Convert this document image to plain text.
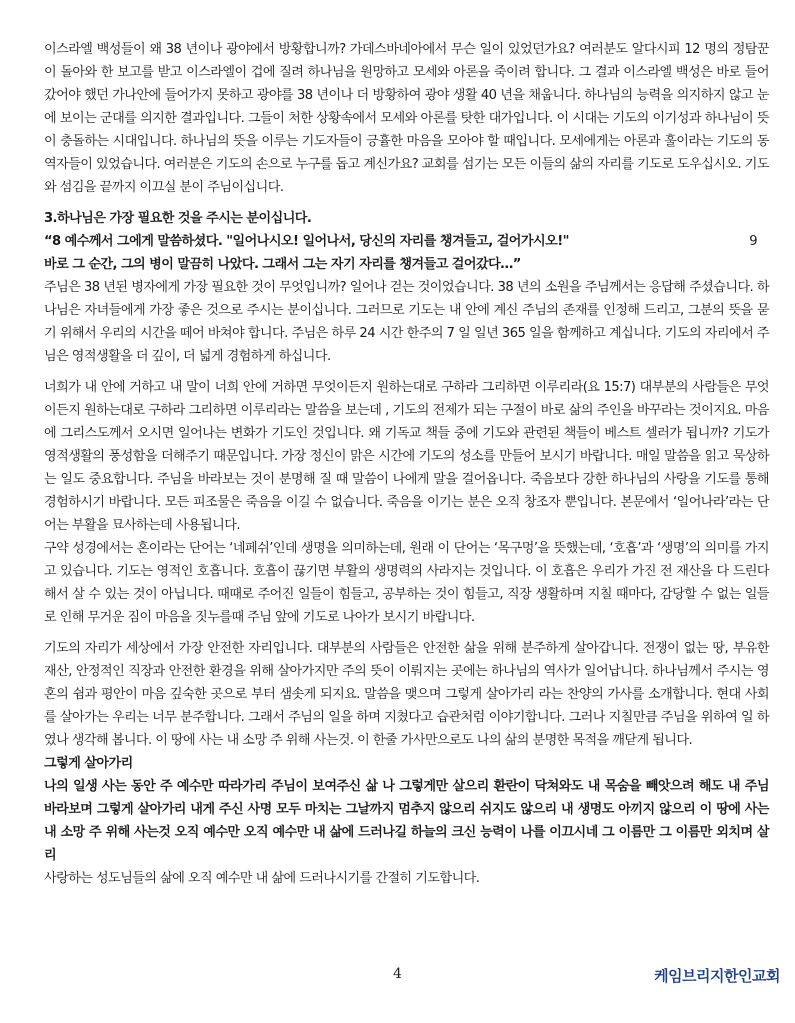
이스라엘 백성들이 왜 38 년이나 광야에서 방황합니까? 가데스바네아에서 무슨 일이 있었던가요? 여러분도 알다시피 12 명의 정탐꾼이 돌아와 한 보고를 받고 이스라엘이 겁에 질려 하나님을 원망하고 모세와 아론을 죽이려 합니다. 그 결과 이스라엘 백성은 바로 들어갔어야 했던 가나안에 들어가지 못하고 광야를 38 년이나 더 방황하여 광야 생활 40 년을 채웁니다. 하나님의 능력을 의지하지 않고 눈에 보이는 군대를 의지한 결과입니다. 그들이 처한 상황속에서 모세와 아론를 탓한 대가입니다. 이 시대는 기도의 이기성과 하나님이 뜻이 충돌하는 시대입니다. 하나님의 뜻을 이루는 기도자들이 긍휼한 마음을 모아야 할 때입니다. 모세에게는 아론과 훌이라는 기도의 동역자들이 있었습니다. 여러분은 기도의 손으로 누구를 돕고 계신가요? 교회를 섬기는 모든 이들의 삶의 자리를 기도로 도우십시오. 기도와 섬김을 끝까지 이끄실 분이 주님이십니다.

3.하나님은 가장 필요한 것을 주시는 분이십니다.

“8 예수께서 그에게 말씀하셨다. "일어나시오! 일어나서, 당신의 자리를 챙겨들고, 걸어가시오!"	9

바로 그 순간, 그의 병이 말끔히 나았다. 그래서 그는 자기 자리를 챙겨들고 걸어갔다…”

주님은 38 년된 병자에게 가장 필요한 것이 무엇입니까? 일어나 걷는 것이었습니다. 38 년의 소원을 주님께서는 응답해 주셨습니다. 하나님은 자녀들에게 가장 좋은 것으로 주시는 분이십니다. 그러므로 기도는 내 안에 계신 주님의 존재를 인정해 드리고, 그분의 뜻을 묻기 위해서 우리의 시간을 떼어 바쳐야 합니다. 주님은 하루 24 시간 한주의 7 일 일년 365 일을 함께하고 계십니다. 기도의 자리에서 주님은 영적생활을 더 깊이, 더 넓게 경험하게 하십니다.

너희가 내 안에 거하고 내 말이 너희 안에 거하면 무엇이든지 원하는대로 구하라 그리하면 이루리라(요 15:7) 대부분의 사람들은 무엇이든지 원하는대로 구하라 그리하면 이루리라는 말씀을 보는데 , 기도의 전제가 되는 구절이 바로 삶의 주인을 바꾸라는 것이지요. 마음에 그리스도께서 오시면 일어나는 변화가 기도인 것입니다. 왜 기독교 책들 중에 기도와 관련된 책들이 베스트 셀러가 됩니까? 기도가 영적생활의 풍성함을 더해주기 때문입니다. 가장 정신이 맑은 시간에 기도의 성소를 만들어 보시기 바랍니다. 매일 말씀을 읽고 묵상하는 일도 중요합니다. 주님을 바라보는 것이 분명해 질 때 말씀이 나에게 말을 걸어옵니다. 죽음보다 강한 하나님의 사랑을 기도를 통해 경험하시기 바랍니다. 모든 피조물은 죽음을 이길 수 없습니다. 죽음을 이기는 분은 오직 창조자 뿐입니다. 본문에서 ‘일어나라’라는 단어는 부활을 묘사하는데 사용됩니다.

구약 성경에서는 혼이라는 단어는 ‘네페쉬’인데 생명을 의미하는데, 원래 이 단어는 ‘목구멍’을 뜻했는데, ‘호흡’과 ‘생명’의 의미를 가지고 있습니다. 기도는 영적인 호흡니다. 호흡이 끊기면 부활의 생명력의 사라지는 것입니다. 이 호흡은 우리가 가진 전 재산을 다 드린다 해서 살 수 있는 것이 아닙니다. 때때로 주어진 일들이 힘들고, 공부하는 것이 힘들고, 직장 생활하며 지칠 때마다, 감당할 수 없는 일들로 인해 무거운 짐이 마음을 짓누를때 주님 앞에 기도로 나아가 보시기 바랍니다.

기도의 자리가 세상에서 가장 안전한 자리입니다. 대부분의 사람들은 안전한 삶을 위해 분주하게 살아갑니다. 전쟁이 없는 땅, 부유한 재산, 안정적인 직장과 안전한 환경을 위해 살아가지만 주의 뜻이 이뤄지는 곳에는 하나님의 역사가 일어납니다. 하나님께서 주시는 영혼의 쉼과 평안이 마음 깊숙한 곳으로 부터 샘솟게 되지요. 말씀을 맺으며 그렇게 살아가리 라는 찬양의 가사를 소개합니다. 현대 사회를 살아가는 우리는 너무 분주합니다. 그래서 주님의 일을 하며 지쳤다고 습관처럼 이야기합니다. 그러나 지칠만큼 주님을 위하여 일 하였나 생각해 봅니다. 이 땅에 사는 내 소망 주 위해 사는것. 이 한줄 가사만으로도 나의 삶의 분명한 목적을 깨닫게 됩니다.

그렇게 살아가리

나의 일생 사는 동안 주 예수만 따라가리 주님이 보여주신 삶 나 그렇게만 살으리 환란이 닥쳐와도 내 목숨을 빼앗으려 해도 내 주님 바라보며 그렇게 살아가리 내게 주신 사명 모두 마치는 그날까지 멈추지 않으리 쉬지도 않으리 내 생명도 아끼지 않으리 이 땅에 사는 내 소망 주 위해 사는것 오직 예수만 오직 예수만 내 삶에 드러나길 하늘의 크신 능력이 나를 이끄시네 그 이름만 그 이름만 외치며 살리

사랑하는 성도님들의 삶에 오직 예수만 내 삶에 드러나시기를 간절히 기도합니다.

4	케임브리지한인교회
